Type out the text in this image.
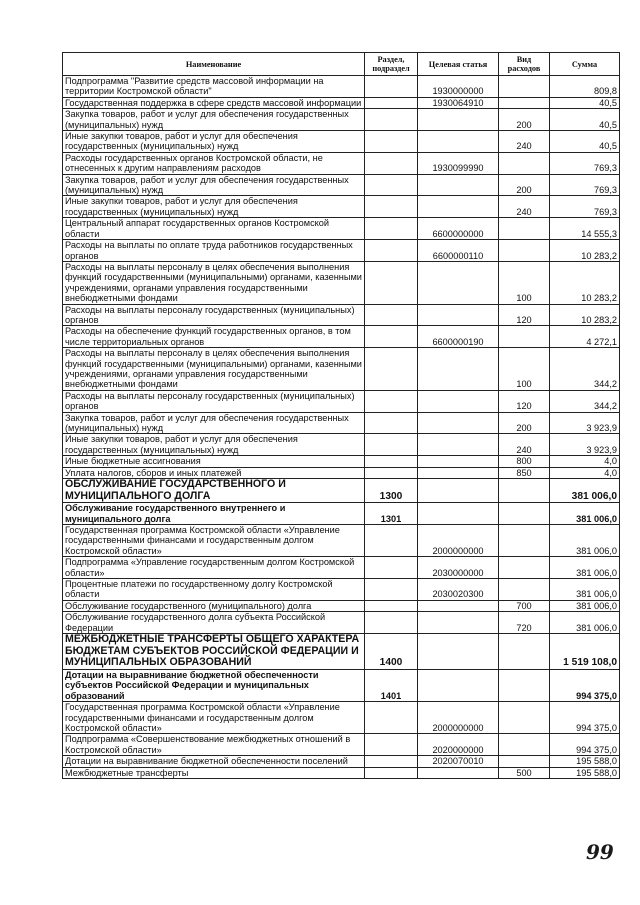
Наименование	Раздел, подраздел	Целевая статья	Вид расходов	Сумма
Подпрограмма "Развитие средств массовой информации на территории Костромской области"		1930000000		809,8
Государственная поддержка в сфере средств массовой информации		1930064910		40,5
Закупка товаров, работ и услуг для обеспечения государственных (муниципальных) нужд			200	40,5
Иные закупки товаров, работ и услуг для обеспечения государственных (муниципальных) нужд			240	40,5
Расходы государственных органов Костромской области, не отнесенных к другим направлениям расходов		1930099990		769,3
Закупка товаров, работ и услуг для обеспечения государственных (муниципальных) нужд			200	769,3
Иные закупки товаров, работ и услуг для обеспечения государственных (муниципальных) нужд			240	769,3
Центральный аппарат государственных органов Костромской области		6600000000		14 555,3
Расходы на выплаты по оплате труда работников государственных органов		6600000110		10 283,2
Расходы на выплаты персоналу в целях обеспечения выполнения функций государственными (муниципальными) органами, казенными учреждениями, органами управления государственными внебюджетными фондами			100	10 283,2
Расходы на выплаты персоналу государственных (муниципальных) органов			120	10 283,2
Расходы на обеспечение функций государственных органов, в том числе территориальных органов		6600000190		4 272,1
Расходы на выплаты персоналу в целях обеспечения выполнения функций государственными (муниципальными) органами, казенными учреждениями, органами управления государственными внебюджетными фондами			100	344,2
Расходы на выплаты персоналу государственных (муниципальных) органов			120	344,2
Закупка товаров, работ и услуг для обеспечения государственных (муниципальных) нужд			200	3 923,9
Иные закупки товаров, работ и услуг для обеспечения государственных (муниципальных) нужд			240	3 923,9
Иные бюджетные ассигнования			800	4,0
Уплата налогов, сборов и иных платежей			850	4,0
ОБСЛУЖИВАНИЕ ГОСУДАРСТВЕННОГО И МУНИЦИПАЛЬНОГО ДОЛГА	1300			381 006,0
Обслуживание государственного внутреннего и муниципального долга	1301			381 006,0
Государственная программа Костромской области «Управление государственными финансами и государственным долгом Костромской области»		2000000000		381 006,0
Подпрограмма «Управление государственным долгом Костромской области»		2030000000		381 006,0
Процентные платежи по государственному долгу Костромской области		2030020300		381 006,0
Обслуживание государственного (муниципального) долга			700	381 006,0
Обслуживание государственного долга субъекта Российской Федерации			720	381 006,0
МЕЖБЮДЖЕТНЫЕ ТРАНСФЕРТЫ ОБЩЕГО ХАРАКТЕРА БЮДЖЕТАМ СУБЪЕКТОВ РОССИЙСКОЙ ФЕДЕРАЦИИ И МУНИЦИПАЛЬНЫХ ОБРАЗОВАНИЙ	1400			1 519 108,0
Дотации на выравнивание бюджетной обеспеченности субъектов Российской Федерации и муниципальных образований	1401			994 375,0
Государственная программа Костромской области «Управление государственными финансами и государственным долгом Костромской области»		2000000000		994 375,0
Подпрограмма «Совершенствование межбюджетных отношений в Костромской области»		2020000000		994 375,0
Дотации на выравнивание бюджетной обеспеченности поселений		2020070010		195 588,0
Межбюджетные трансферты			500	195 588,0
99
